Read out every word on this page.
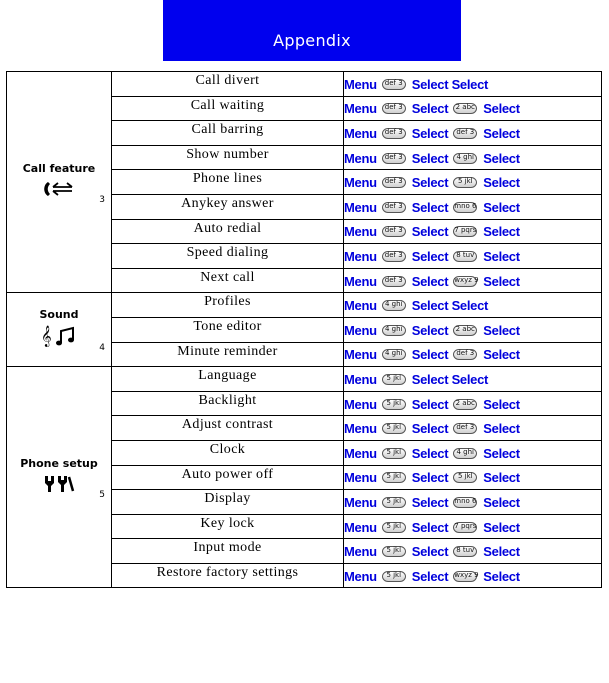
Appendix
Call feature
3	Call divert	Menu def 3 Select Select
	Call waiting	Menu def 3 Select 2 abc Select
	Call barring	Menu def 3 Select def 3 Select
	Show number	Menu def 3 Select 4 ghi Select
	Phone lines	Menu def 3 Select 5 jkl Select
	Anykey answer	Menu def 3 Select mno 6 Select
	Auto redial	Menu def 3 Select 7 pqrs Select
	Speed dialing	Menu def 3 Select 8 tuv Select
	Next call	Menu def 3 Select wxyz 9 Select

Sound
𝄞
4	Profiles	Menu 4 ghi Select Select
	Tone editor	Menu 4 ghi Select 2 abc Select
	Minute reminder	Menu 4 ghi Select def 3 Select

Phone setup
5	Language	Menu 5 jkl Select Select
	Backlight	Menu 5 jkl Select 2 abc Select
	Adjust contrast	Menu 5 jkl Select def 3 Select
	Clock	Menu 5 jkl Select 4 ghi Select
	Auto power off	Menu 5 jkl Select 5 jkl Select
	Display	Menu 5 jkl Select mno 6 Select
	Key lock	Menu 5 jkl Select 7 pqrs Select
	Input mode	Menu 5 jkl Select 8 tuv Select
	Restore factory settings	Menu 5 jkl Select wxyz 9 Select
